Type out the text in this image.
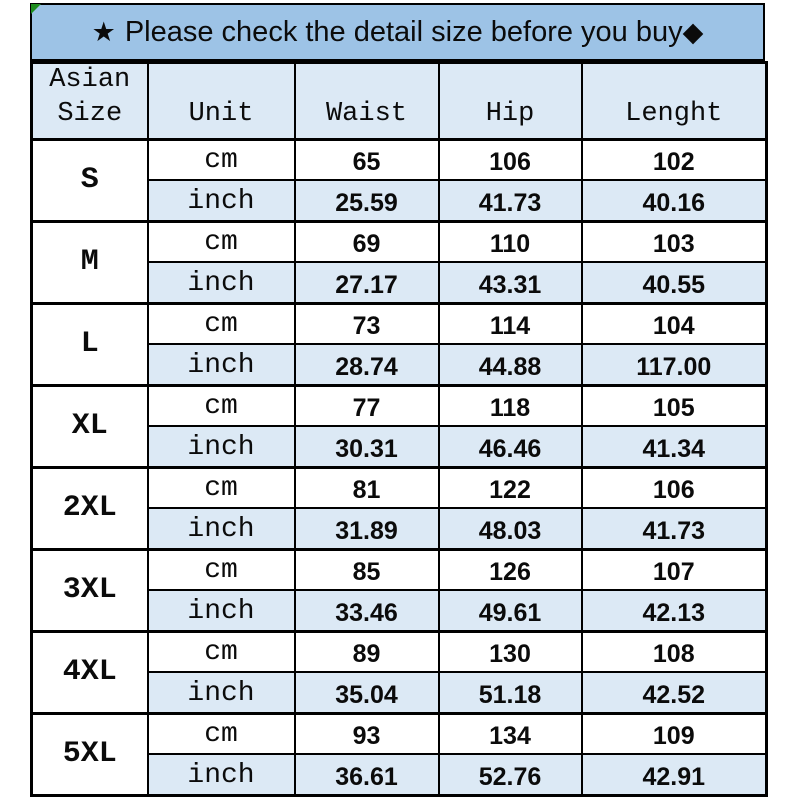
★ Please check the detail size before you buy ◆
Asian Size	Unit	Waist	Hip	Lenght
S	cm	65	106	102
	inch	25.59	41.73	40.16
M	cm	69	110	103
	inch	27.17	43.31	40.55
L	cm	73	114	104
	inch	28.74	44.88	117.00
XL	cm	77	118	105
	inch	30.31	46.46	41.34
2XL	cm	81	122	106
	inch	31.89	48.03	41.73
3XL	cm	85	126	107
	inch	33.46	49.61	42.13
4XL	cm	89	130	108
	inch	35.04	51.18	42.52
5XL	cm	93	134	109
	inch	36.61	52.76	42.91
